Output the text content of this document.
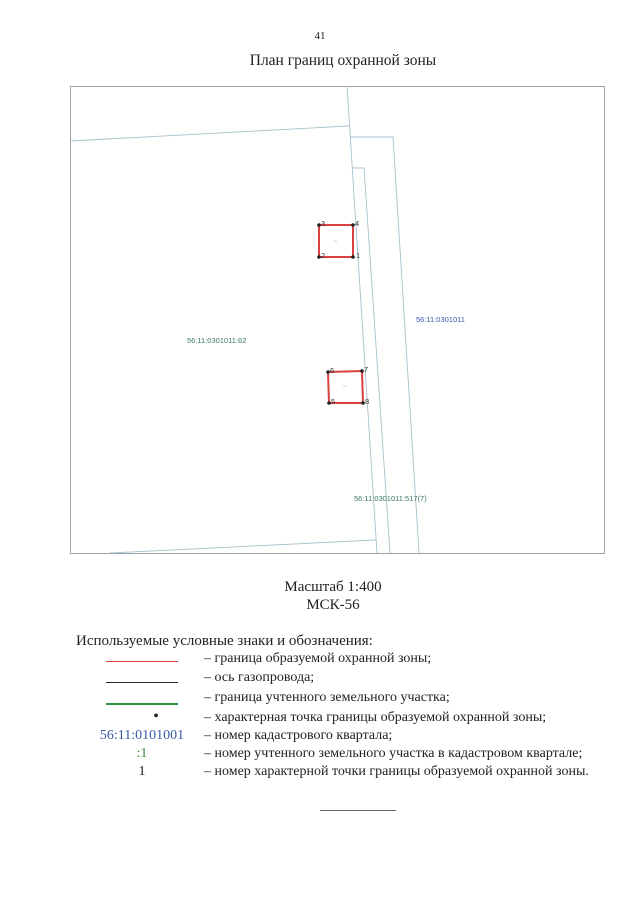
41
План границ охранной зоны
1
2
3	4
5
6	7
8
56:11:0301011:62
56:11:0301011
56:11:0301011:517(7)
Масштаб 1:400
МСК-56
Используемые условные знаки и обозначения:
– граница образуемой охранной зоны;
– ось газопровода;
– граница учтенного земельного участка;
•	– характерная точка границы образуемой охранной зоны;
56:11:0101001	– номер кадастрового квартала;
:1	– номер учтенного земельного участка в кадастровом квартале;
1	– номер характерной точки границы образуемой охранной зоны.
